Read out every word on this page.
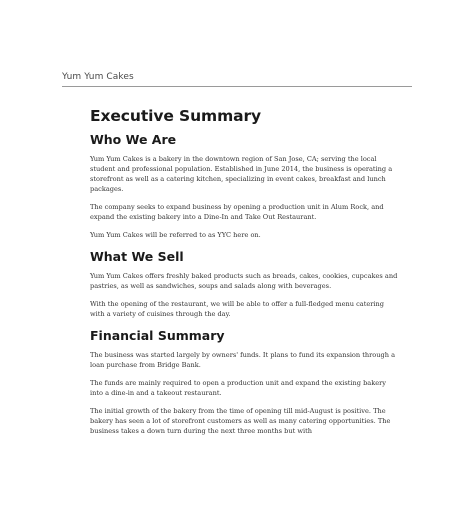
Yum Yum Cakes
Executive Summary
Who We Are

Yum Yum Cakes is a bakery in the downtown region of San Jose, CA; serving the local student and professional population. Established in June 2014, the business is operating a storefront as well as a catering kitchen, specializing in event cakes, breakfast and lunch packages.

The company seeks to expand business by opening a production unit in Alum Rock, and expand the existing bakery into a Dine-In and Take Out Restaurant.

Yum Yum Cakes will be referred to as YYC here on.

What We Sell

Yum Yum Cakes offers freshly baked products such as breads, cakes, cookies, cupcakes and pastries, as well as sandwiches, soups and salads along with beverages.

With the opening of the restaurant, we will be able to offer a full-fledged menu catering with a variety of cuisines through the day.

Financial Summary

The business was started largely by owners' funds. It plans to fund its expansion through a loan purchase from Bridge Bank.

The funds are mainly required to open a production unit and expand the existing bakery into a dine-in and a takeout restaurant.

The initial growth of the bakery from the time of opening till mid-August is positive. The bakery has seen a lot of storefront customers as well as many catering opportunities. The business takes a down turn during the next three months but with
